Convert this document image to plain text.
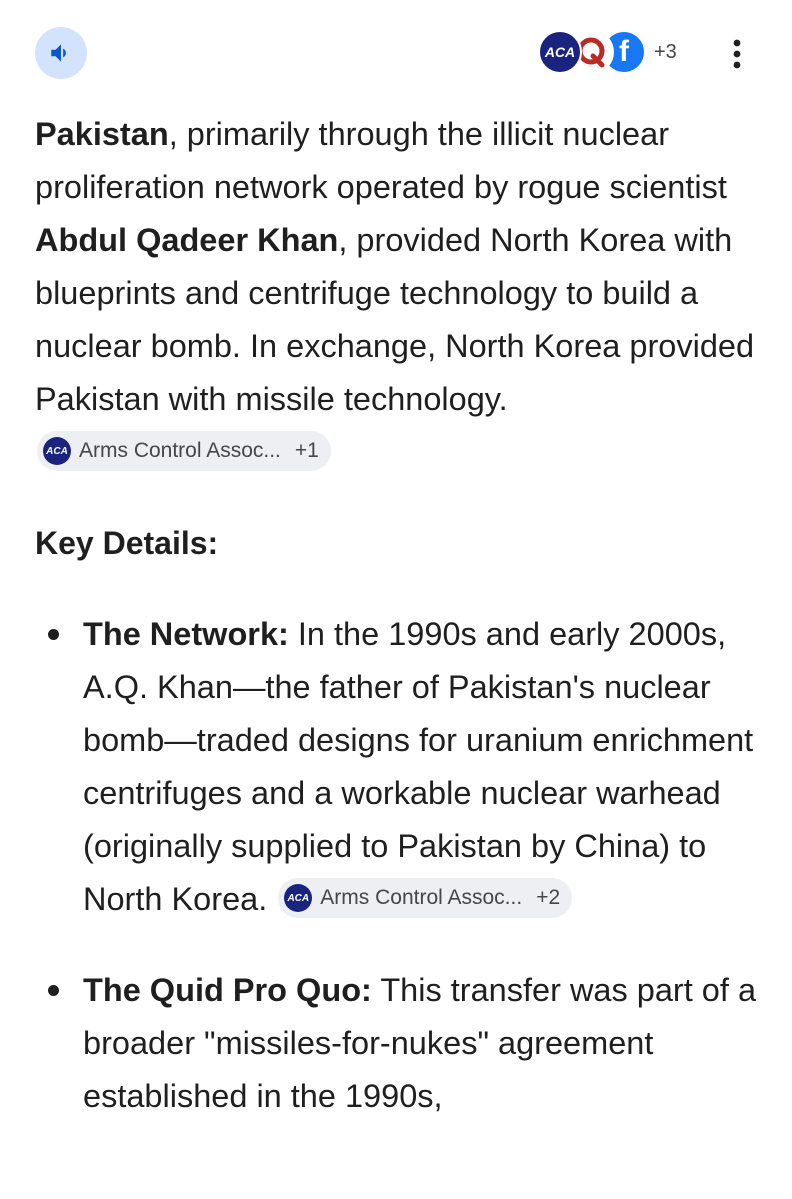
ACA f +3

Pakistan, primarily through the illicit nuclear proliferation network operated by rogue scientist Abdul Qadeer Khan, provided North Korea with blueprints and centrifuge technology to build a nuclear bomb. In exchange, North Korea provided Pakistan with missile technology.
ACA Arms Control Assoc... +1

Key Details:
The Network: In the 1990s and early 2000s, A.Q. Khan—the father of Pakistan's nuclear bomb—traded designs for uranium enrichment centrifuges and a workable nuclear warhead (originally supplied to Pakistan by China) to North Korea.	ACA Arms Control Assoc... +2
The Quid Pro Quo: This transfer was part of a broader "missiles-for-nukes" agreement established in the 1990s,
